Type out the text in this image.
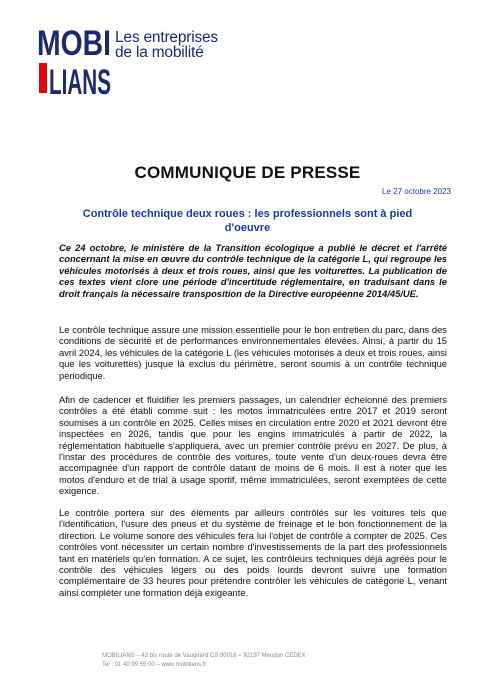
MOBI
LIANS
Les entreprises
de la mobilité
COMMUNIQUE DE PRESSE
Le 27 octobre 2023
Contrôle technique deux roues : les professionnels sont à pied d'oeuvre
Ce 24 octobre, le ministère de la Transition écologique a publié le décret et l'arrêté concernant la mise en œuvre du contrôle technique de la catégorie L, qui regroupe les véhicules motorisés à deux et trois roues, ainsi que les voiturettes. La publication de ces textes vient clore une période d'incertitude réglementaire, en traduisant dans le droit français la nécessaire transposition de la Directive européenne 2014/45/UE.
Le contrôle technique assure une mission essentielle pour le bon entretien du parc, dans des conditions de sécurité et de performances environnementales élevées. Ainsi, à partir du 15 avril 2024, les véhicules de la catégorie L (les véhicules motorisés à deux et trois roues, ainsi que les voiturettes) jusque là exclus du périmètre, seront soumis à un contrôle technique périodique.
Afin de cadencer et fluidifier les premiers passages, un calendrier échelonné des premiers contrôles a été établi comme suit : les motos immatriculées entre 2017 et 2019 seront soumises à un contrôle en 2025. Celles mises en circulation entre 2020 et 2021 devront être inspectées en 2026, tandis que pour les engins immatriculés à partir de 2022, la réglementation habituelle s'appliquera, avec un premier contrôle prévu en 2027. De plus, à l'instar des procédures de contrôle des voitures, toute vente d'un deux-roues devra être accompagnée d'un rapport de contrôle datant de moins de 6 mois. Il est à noter que les motos d'enduro et de trial à usage sportif, même immatriculées, seront exemptées de cette exigence.
Le contrôle portera sur des éléments par ailleurs contrôlés sur les voitures tels que l'identification, l'usure des pneus et du système de freinage et le bon fonctionnement de la direction. Le volume sonore des véhicules fera lui l'objet de contrôle à compter de 2025. Ces contrôles vont nécessiter un certain nombre d'investissements de la part des professionnels tant en matériels qu'en formation. A ce sujet, les contrôleurs techniques déjà agréés pour le contrôle des véhicules légers ou des poids lourds devront suivre une formation complémentaire de 33 heures pour prétendre contrôler les véhicules de catégorie L, venant ainsi compléter une formation déjà exigeante.
MOBILIANS – 43 bis route de Vaugirard CS 80016 – 92197 Meudon CEDEX
Tel : 01 40 99 55 00 – www.mobilians.fr
